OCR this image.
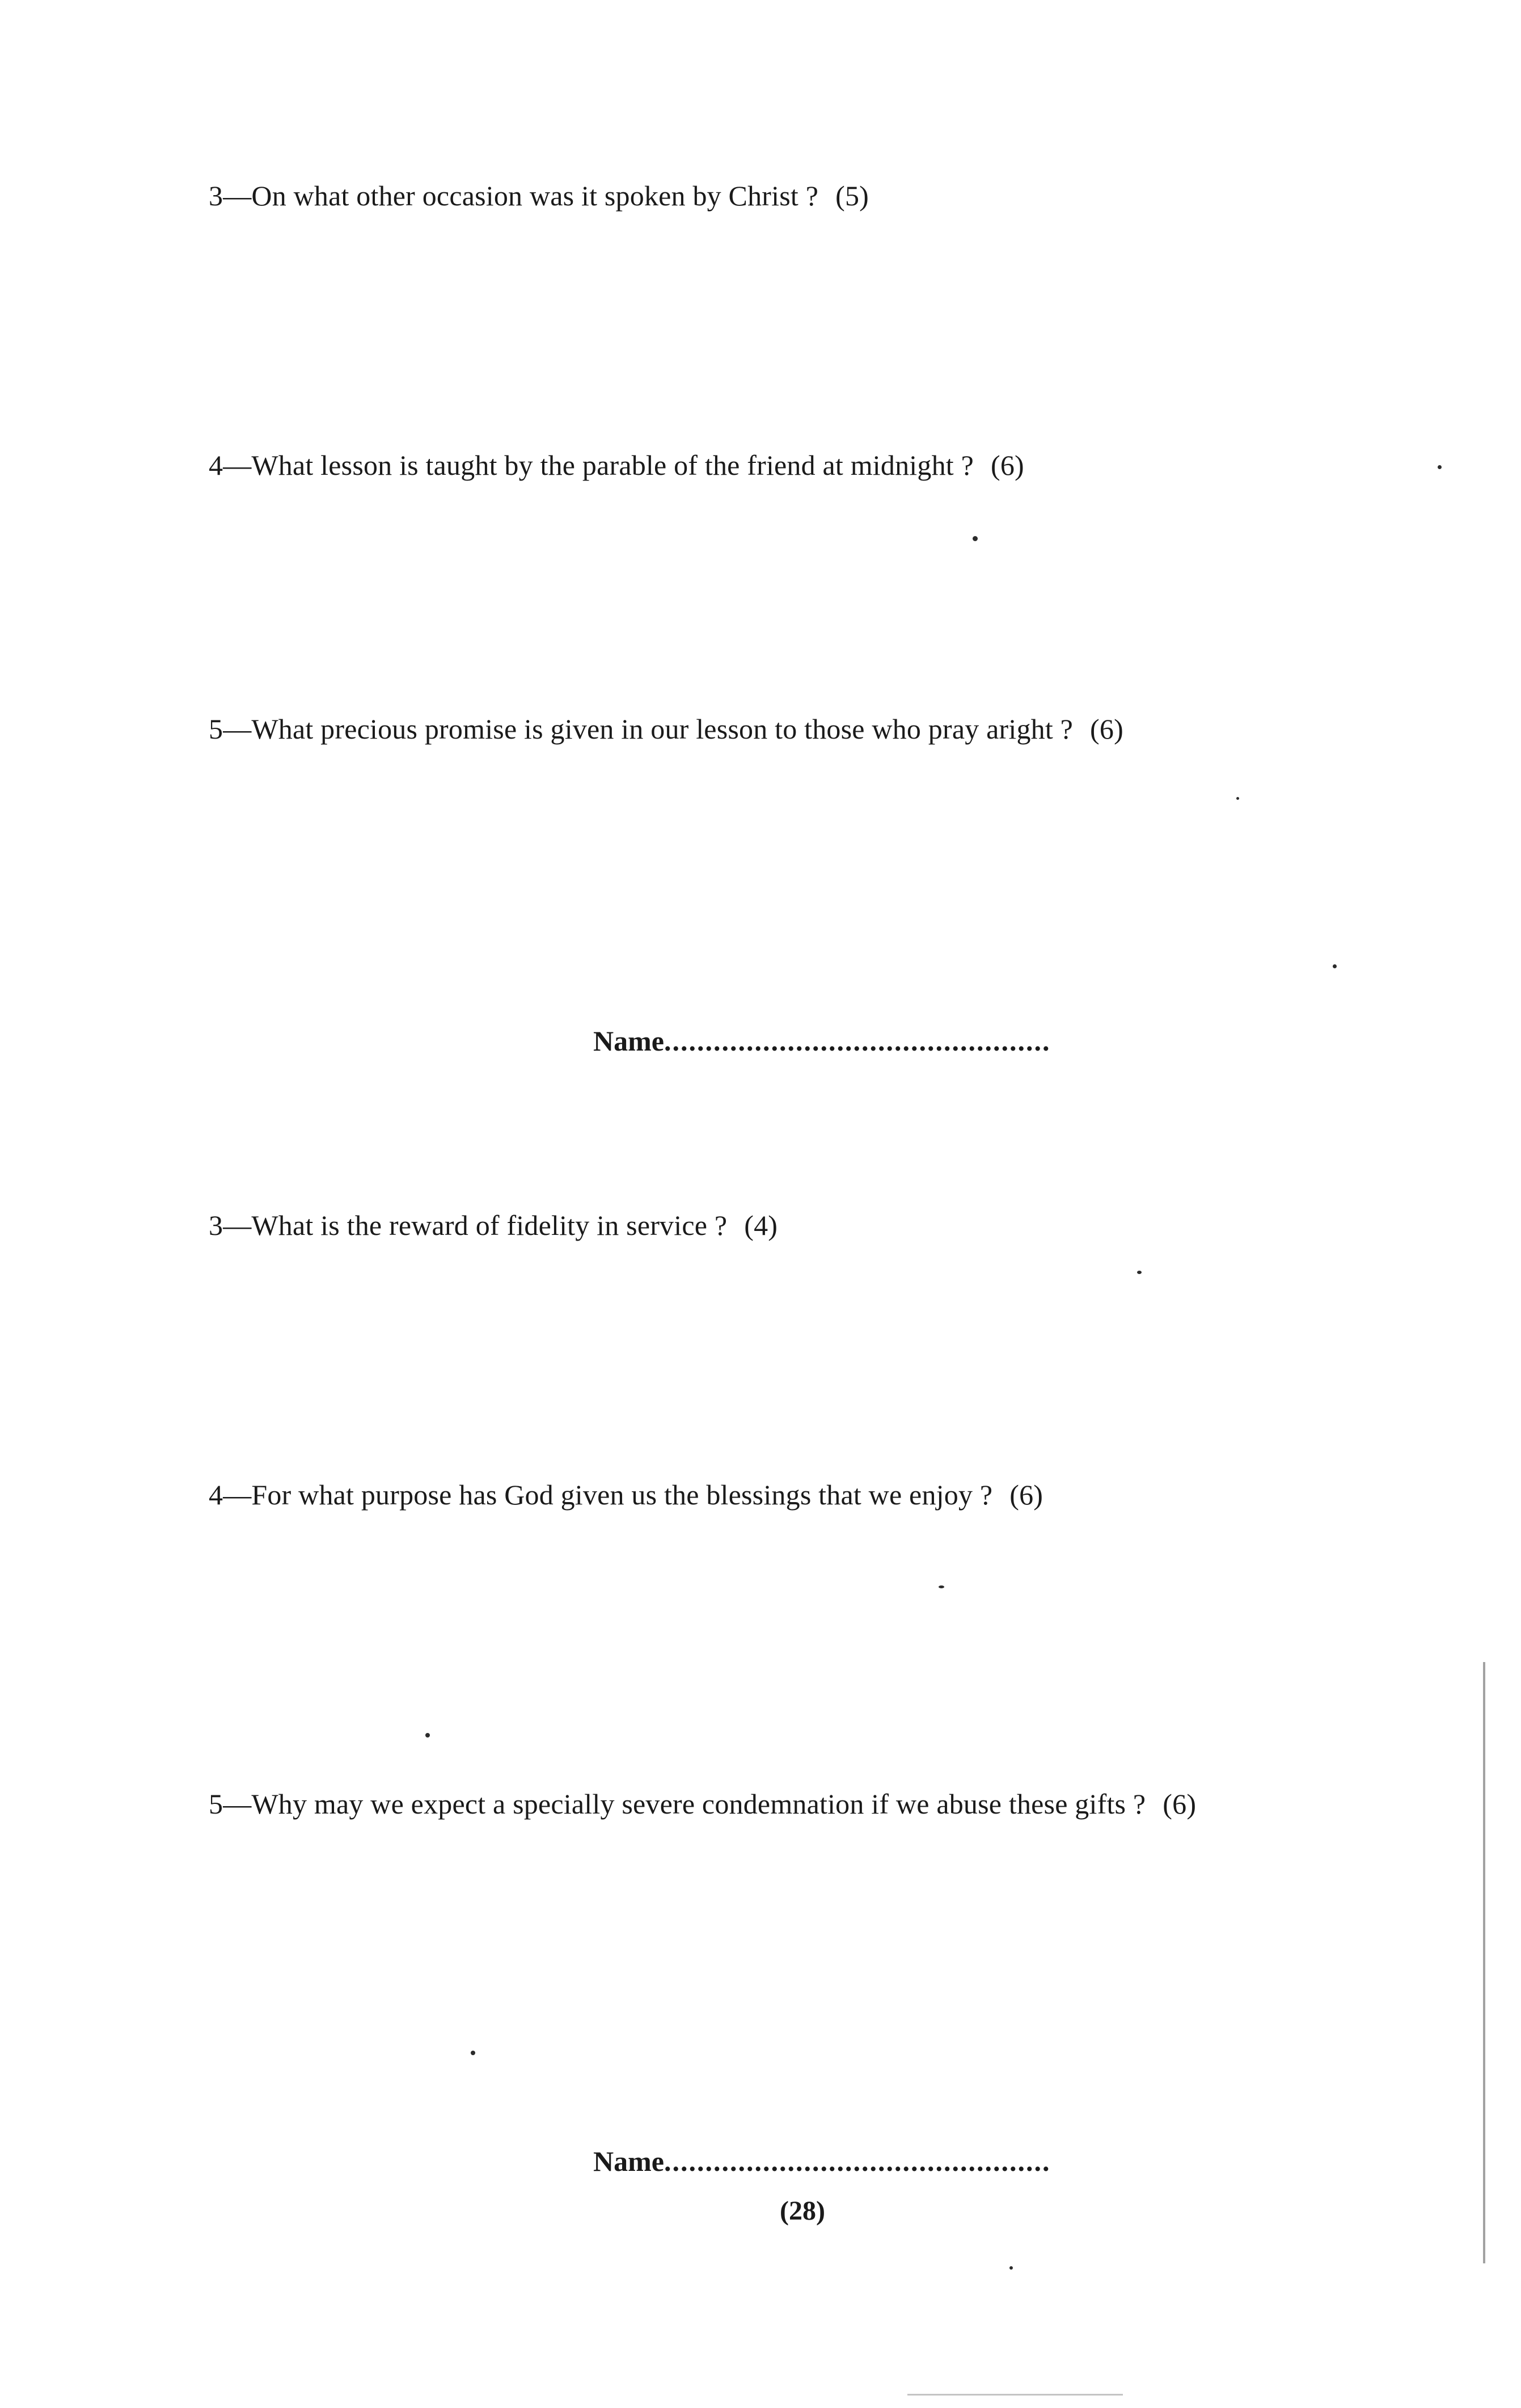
3—On what other occasion was it spoken by Christ ? (5)
4—What lesson is taught by the parable of the friend at midnight ? (6)
5—What precious promise is given in our lesson to those who pray aright ? (6)
Name...............................................
3—What is the reward of fidelity in service ? (4)
4—For what purpose has God given us the blessings that we enjoy ? (6)
5—Why may we expect a specially severe condemnation if we abuse these gifts ? (6)
Name...............................................
(28)
